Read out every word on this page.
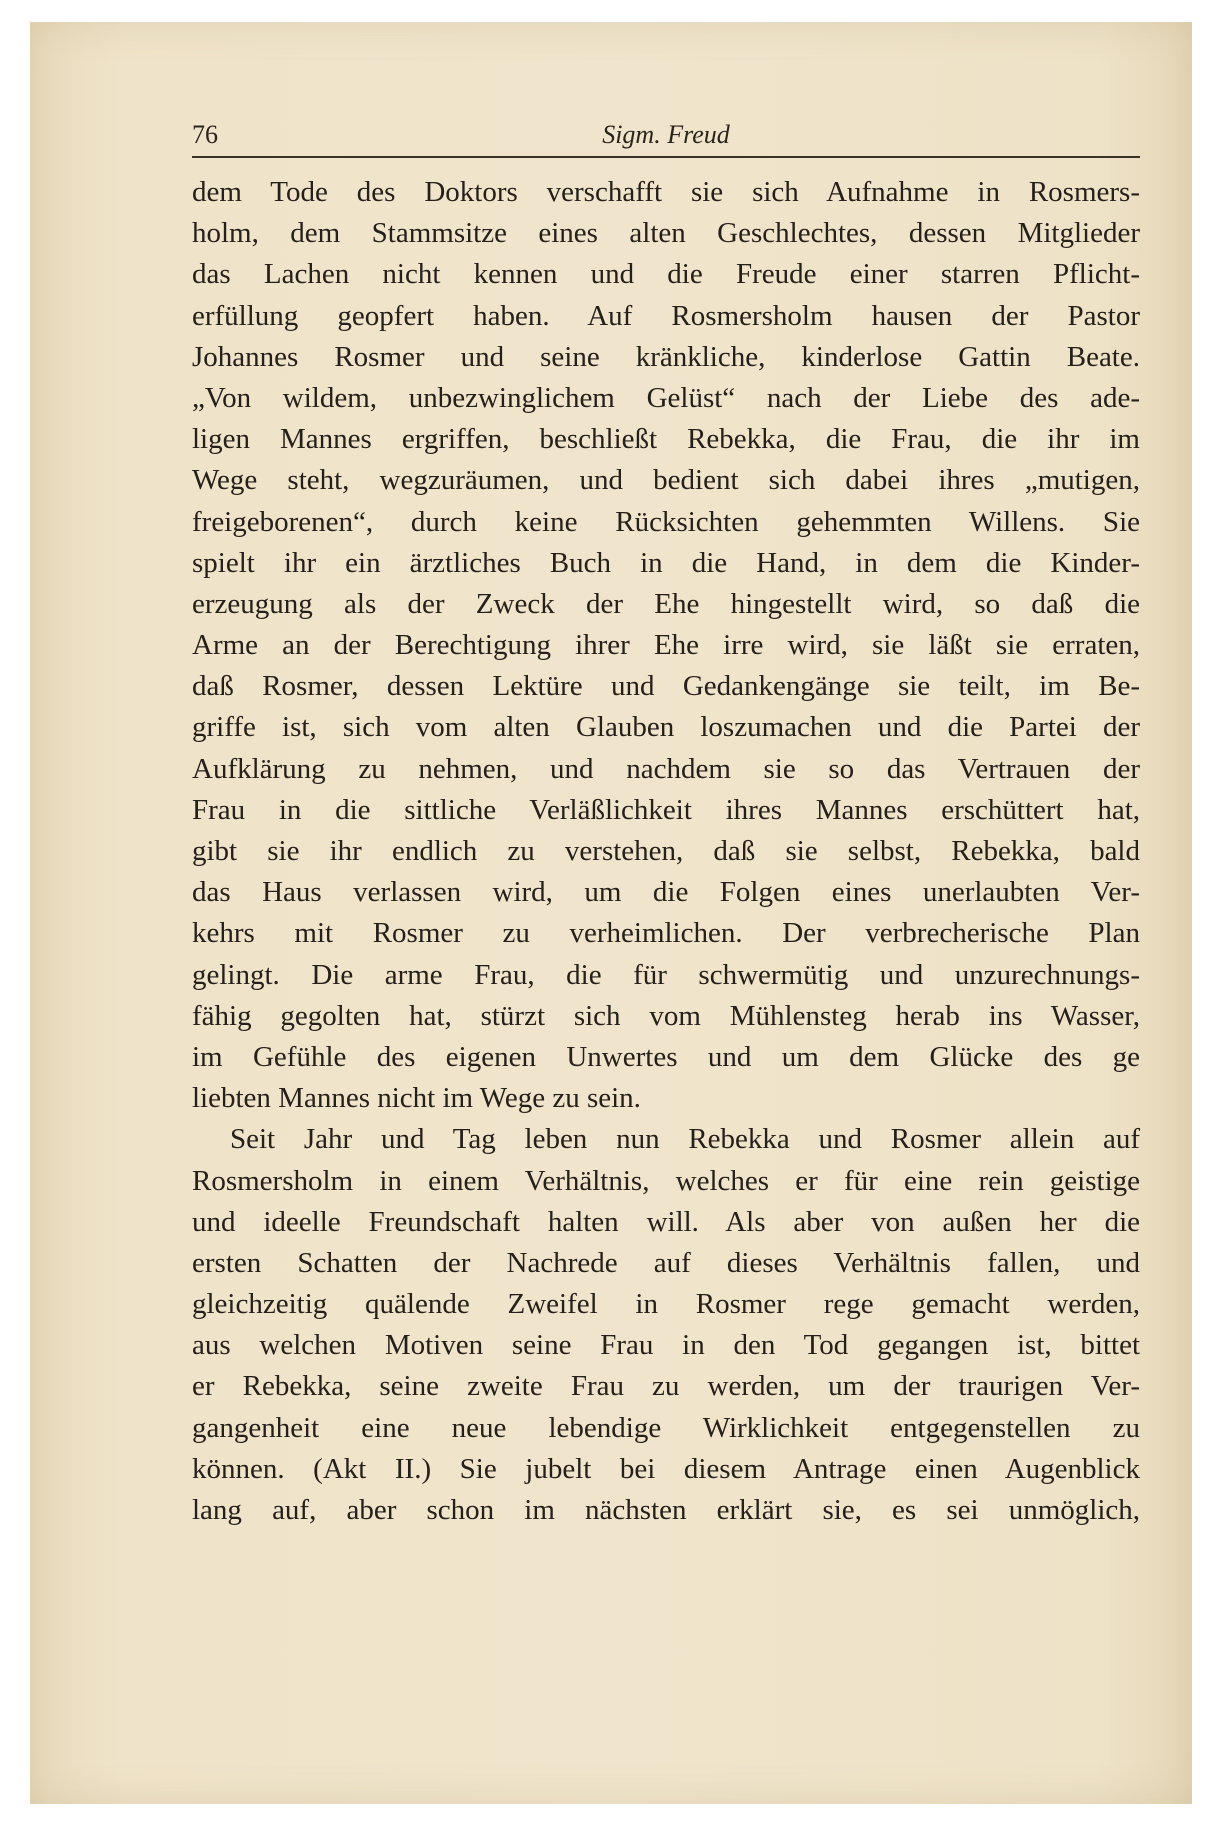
76	Sigm. Freud
dem Tode des Doktors verschafft sie sich Aufnahme in Rosmers-
holm, dem Stammsitze eines alten Geschlechtes, dessen Mitglieder
das Lachen nicht kennen und die Freude einer starren Pflicht-
erfüllung geopfert haben. Auf Rosmersholm hausen der Pastor
Johannes Rosmer und seine kränkliche, kinderlose Gattin Beate.
„Von wildem, unbezwinglichem Gelüst“ nach der Liebe des ade-
ligen Mannes ergriffen, beschließt Rebekka, die Frau, die ihr im
Wege steht, wegzuräumen, und bedient sich dabei ihres „mutigen,
freigeborenen“, durch keine Rücksichten gehemmten Willens. Sie
spielt ihr ein ärztliches Buch in die Hand, in dem die Kinder-
erzeugung als der Zweck der Ehe hingestellt wird, so daß die
Arme an der Berechtigung ihrer Ehe irre wird, sie läßt sie erraten,
daß Rosmer, dessen Lektüre und Gedankengänge sie teilt, im Be-
griffe ist, sich vom alten Glauben loszumachen und die Partei der
Aufklärung zu nehmen, und nachdem sie so das Vertrauen der
Frau in die sittliche Verläßlichkeit ihres Mannes erschüttert hat,
gibt sie ihr endlich zu verstehen, daß sie selbst, Rebekka, bald
das Haus verlassen wird, um die Folgen eines unerlaubten Ver-
kehrs mit Rosmer zu verheimlichen. Der verbrecherische Plan
gelingt. Die arme Frau, die für schwermütig und unzurechnungs-
fähig gegolten hat, stürzt sich vom Mühlensteg herab ins Wasser,
im Gefühle des eigenen Unwertes und um dem Glücke des ge
liebten Mannes nicht im Wege zu sein.
Seit Jahr und Tag leben nun Rebekka und Rosmer allein auf
Rosmersholm in einem Verhältnis, welches er für eine rein geistige
und ideelle Freundschaft halten will. Als aber von außen her die
ersten Schatten der Nachrede auf dieses Verhältnis fallen, und
gleichzeitig quälende Zweifel in Rosmer rege gemacht werden,
aus welchen Motiven seine Frau in den Tod gegangen ist, bittet
er Rebekka, seine zweite Frau zu werden, um der traurigen Ver-
gangenheit eine neue lebendige Wirklichkeit entgegenstellen zu
können. (Akt II.) Sie jubelt bei diesem Antrage einen Augenblick
lang auf, aber schon im nächsten erklärt sie, es sei unmöglich,
